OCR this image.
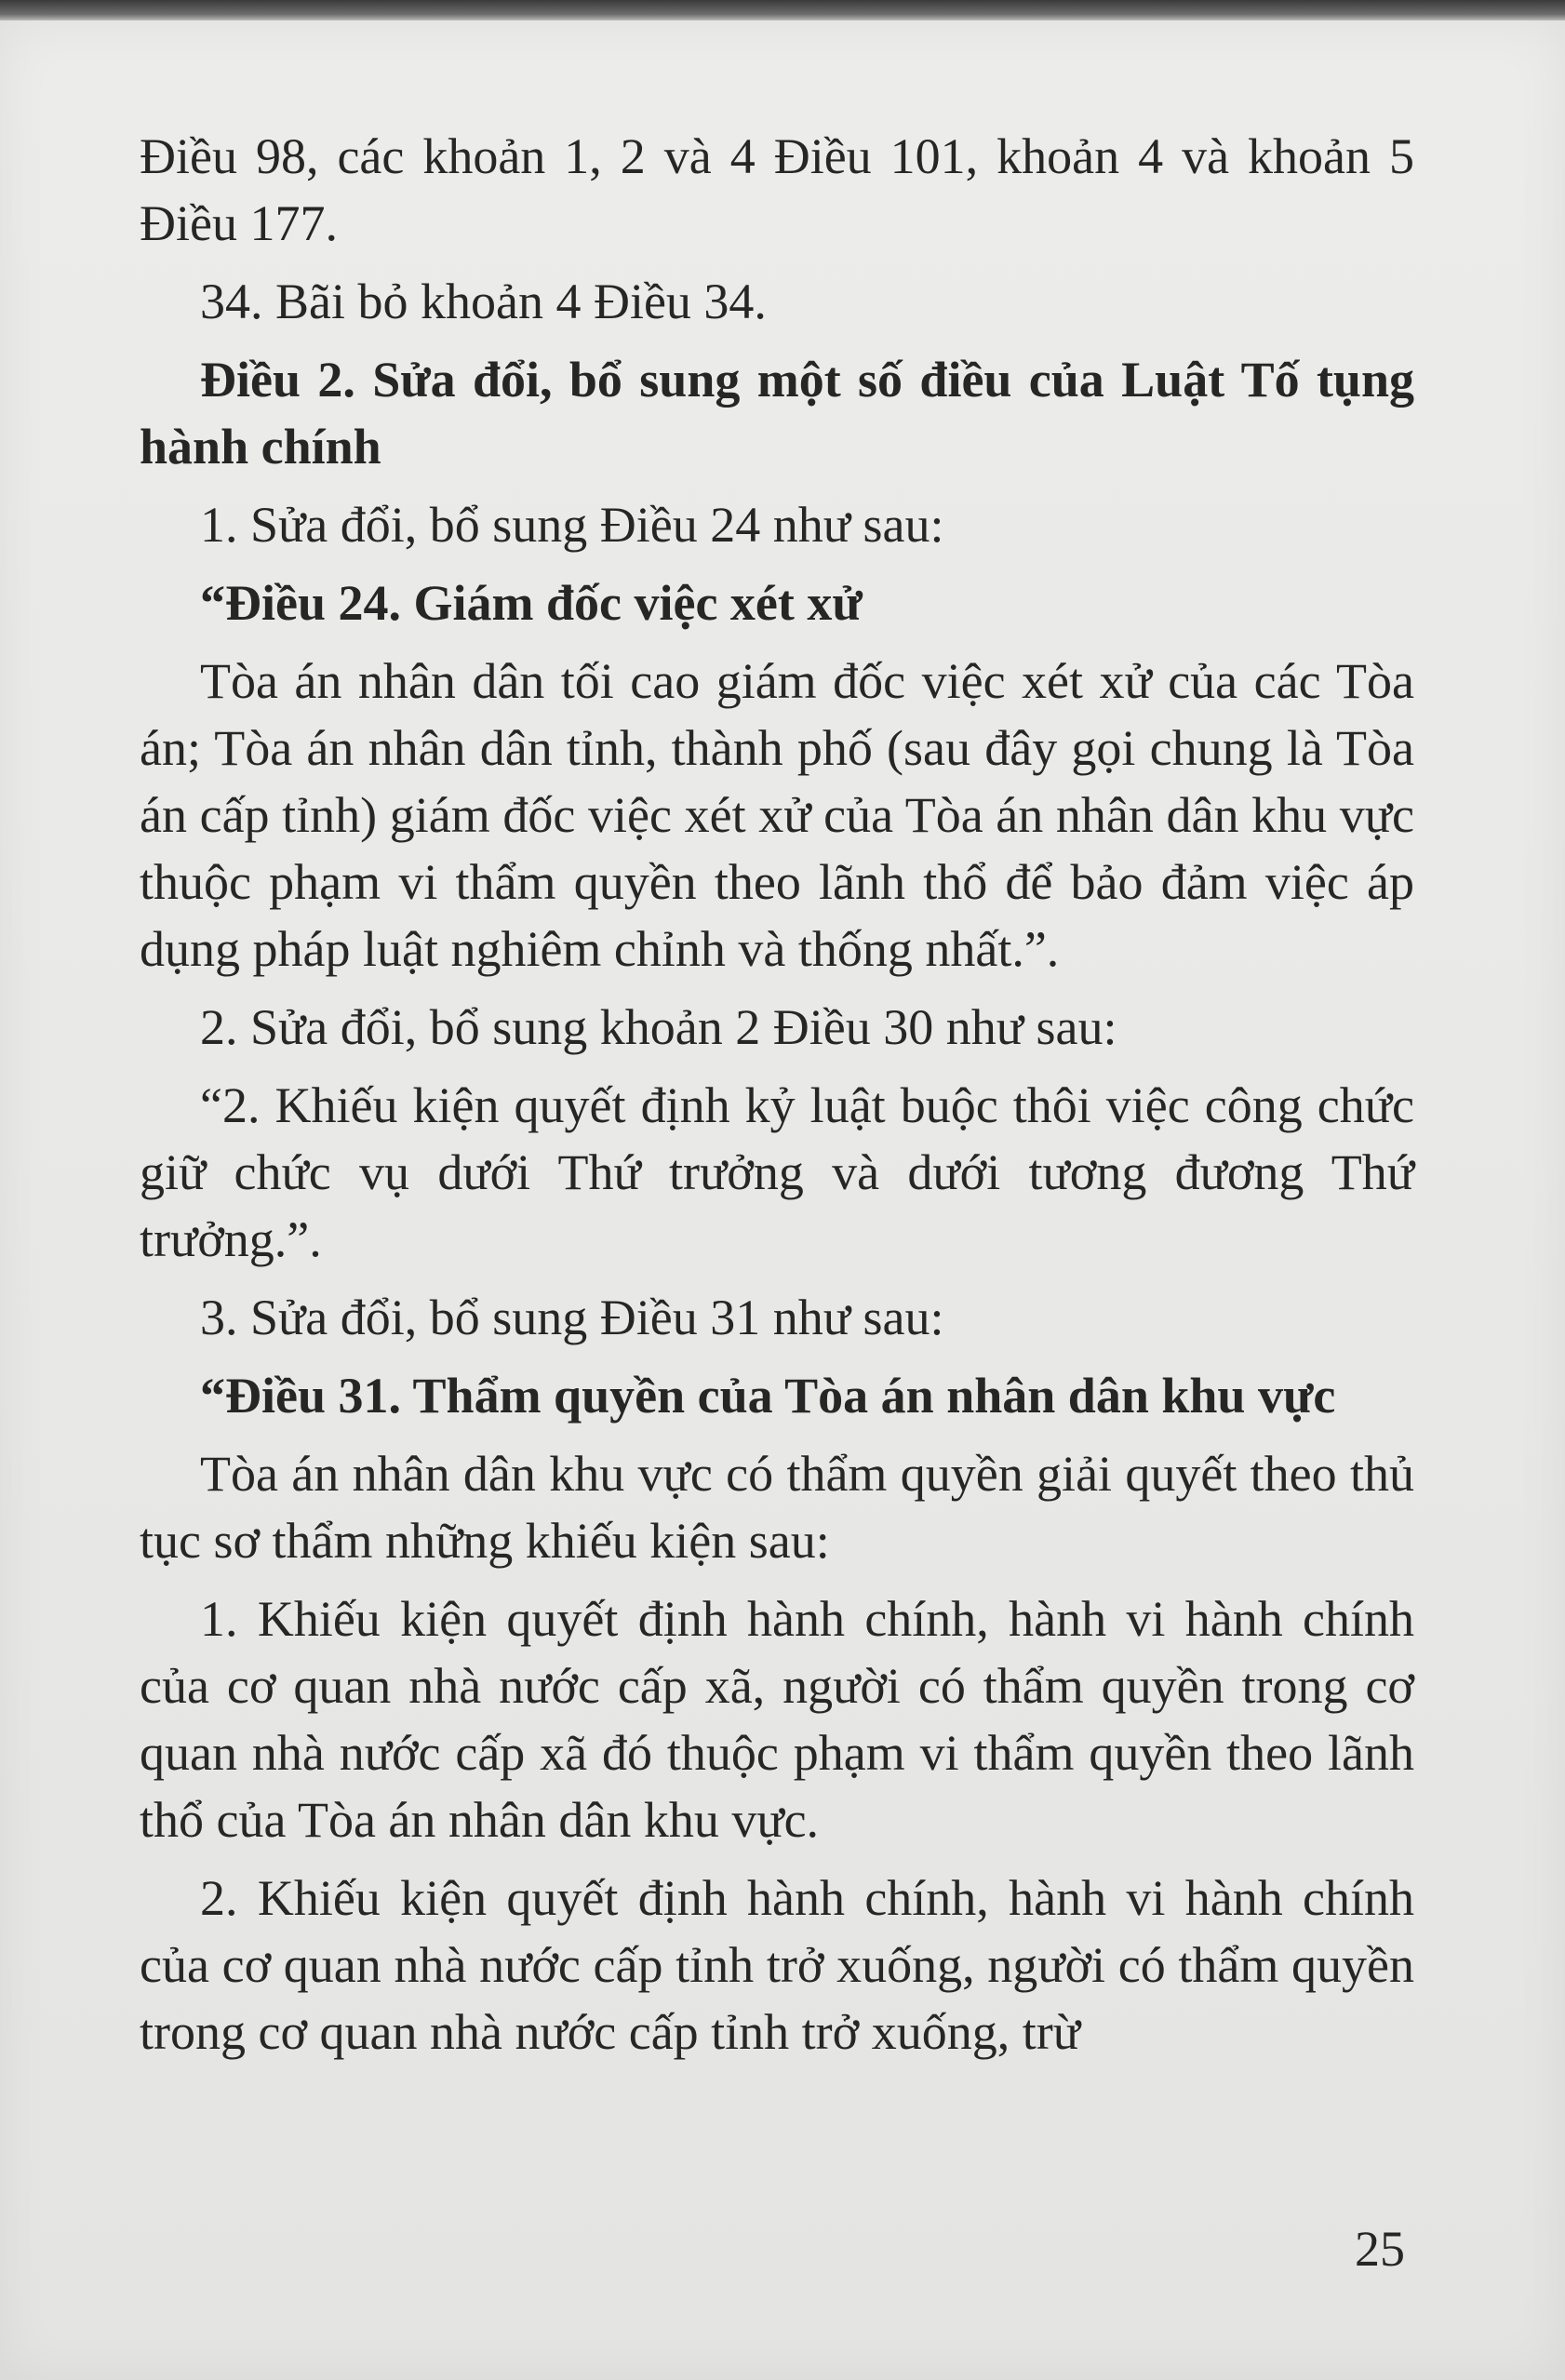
Điều 98, các khoản 1, 2 và 4 Điều 101, khoản 4 và khoản 5 Điều 177.

34. Bãi bỏ khoản 4 Điều 34.

Điều 2. Sửa đổi, bổ sung một số điều của Luật Tố tụng hành chính

1. Sửa đổi, bổ sung Điều 24 như sau:

“Điều 24. Giám đốc việc xét xử

Tòa án nhân dân tối cao giám đốc việc xét xử của các Tòa án; Tòa án nhân dân tỉnh, thành phố (sau đây gọi chung là Tòa án cấp tỉnh) giám đốc việc xét xử của Tòa án nhân dân khu vực thuộc phạm vi thẩm quyền theo lãnh thổ để bảo đảm việc áp dụng pháp luật nghiêm chỉnh và thống nhất.”.

2. Sửa đổi, bổ sung khoản 2 Điều 30 như sau:

“2. Khiếu kiện quyết định kỷ luật buộc thôi việc công chức giữ chức vụ dưới Thứ trưởng và dưới tương đương Thứ trưởng.”.

3. Sửa đổi, bổ sung Điều 31 như sau:

“Điều 31. Thẩm quyền của Tòa án nhân dân khu vực

Tòa án nhân dân khu vực có thẩm quyền giải quyết theo thủ tục sơ thẩm những khiếu kiện sau:

1. Khiếu kiện quyết định hành chính, hành vi hành chính của cơ quan nhà nước cấp xã, người có thẩm quyền trong cơ quan nhà nước cấp xã đó thuộc phạm vi thẩm quyền theo lãnh thổ của Tòa án nhân dân khu vực.

2. Khiếu kiện quyết định hành chính, hành vi hành chính của cơ quan nhà nước cấp tỉnh trở xuống, người có thẩm quyền trong cơ quan nhà nước cấp tỉnh trở xuống, trừ

25
